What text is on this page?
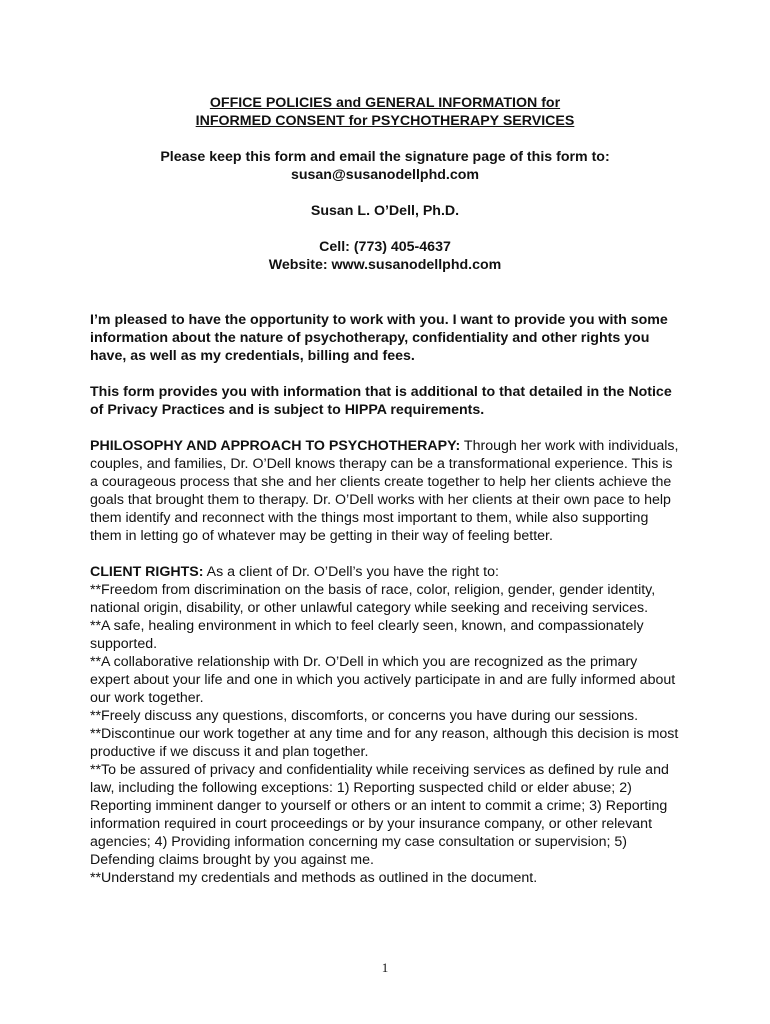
OFFICE POLICIES and GENERAL INFORMATION for
INFORMED CONSENT for PSYCHOTHERAPY SERVICES
Please keep this form and email the signature page of this form to:
susan@susanodellphd.com
Susan L. O’Dell, Ph.D.
Cell: (773) 405-4637
Website: www.susanodellphd.com

I’m pleased to have the opportunity to work with you. I want to provide you with some information about the nature of psychotherapy, confidentiality and other rights you have, as well as my credentials, billing and fees.

This form provides you with information that is additional to that detailed in the Notice of Privacy Practices and is subject to HIPPA requirements.

PHILOSOPHY AND APPROACH TO PSYCHOTHERAPY: Through her work with individuals, couples, and families, Dr. O’Dell knows therapy can be a transformational experience. This is a courageous process that she and her clients create together to help her clients achieve the goals that brought them to therapy. Dr. O’Dell works with her clients at their own pace to help them identify and reconnect with the things most important to them, while also supporting them in letting go of whatever may be getting in their way of feeling better.

CLIENT RIGHTS: As a client of Dr. O’Dell’s you have the right to:

**Freedom from discrimination on the basis of race, color, religion, gender, gender identity, national origin, disability, or other unlawful category while seeking and receiving services.

**A safe, healing environment in which to feel clearly seen, known, and compassionately supported.

**A collaborative relationship with Dr. O’Dell in which you are recognized as the primary expert about your life and one in which you actively participate in and are fully informed about our work together.

**Freely discuss any questions, discomforts, or concerns you have during our sessions.

**Discontinue our work together at any time and for any reason, although this decision is most productive if we discuss it and plan together.

**To be assured of privacy and confidentiality while receiving services as defined by rule and law, including the following exceptions: 1) Reporting suspected child or elder abuse; 2) Reporting imminent danger to yourself or others or an intent to commit a crime; 3) Reporting information required in court proceedings or by your insurance company, or other relevant agencies; 4) Providing information concerning my case consultation or supervision; 5) Defending claims brought by you against me.

**Understand my credentials and methods as outlined in the document.

1
